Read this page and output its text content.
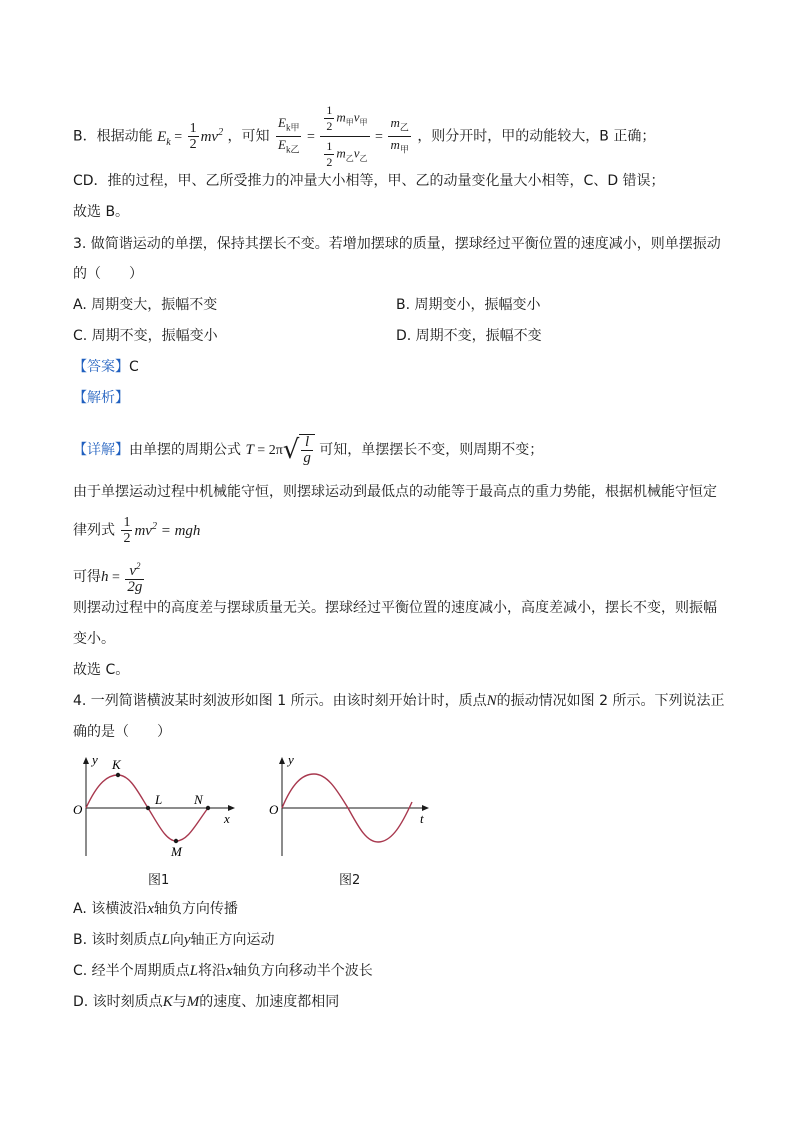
B．根据动能 $E_k = \frac{1}{2} mv^2$ ，可知 $\frac{E_{k甲}}{E_{k乙}} = \frac{\frac{1}{2} m_甲v_甲}{\frac{1}{2} m_乙v_乙} = \frac{m_乙}{m_甲}$ ，则分开时，甲的动能较大，B 正确；
CD．推的过程，甲、乙所受推力的冲量大小相等，甲、乙的动量变化量大小相等，C、D 错误；
故选 B。
3. 做简谐运动的单摆，保持其摆长不变。若增加摆球的质量，摆球经过平衡位置的速度减小，则单摆振动
的（　　）
A. 周期变大，振幅不变	B. 周期变小，振幅变小
C. 周期不变，振幅变小	D. 周期不变，振幅不变
【答案】C
【解析】
【详解】由单摆的周期公式 $T = 2\pi√ \frac{l}{g}$ 可知，单摆摆长不变，则周期不变；
由于单摆运动过程中机械能守恒，则摆球运动到最低点的动能等于最高点的重力势能，根据机械能守恒定
律列式 $\frac{1}{2} mv^2$ = mgh
可得$h = \frac{v^2}{2g}$
则摆动过程中的高度差与摆球质量无关。摆球经过平衡位置的速度减小，高度差减小，摆长不变，则振幅
变小。
故选 C。
4. 一列简谐横波某时刻波形如图 1 所示。由该时刻开始计时，质点N的振动情况如图 2 所示。下列说法正
确的是（　　）
y
O
x
K
L N
M
图1
y
O
t
图2
A. 该横波沿x轴负方向传播
B. 该时刻质点L向y轴正方向运动
C. 经半个周期质点L将沿x轴负方向移动半个波长
D. 该时刻质点K与M的速度、加速度都相同
